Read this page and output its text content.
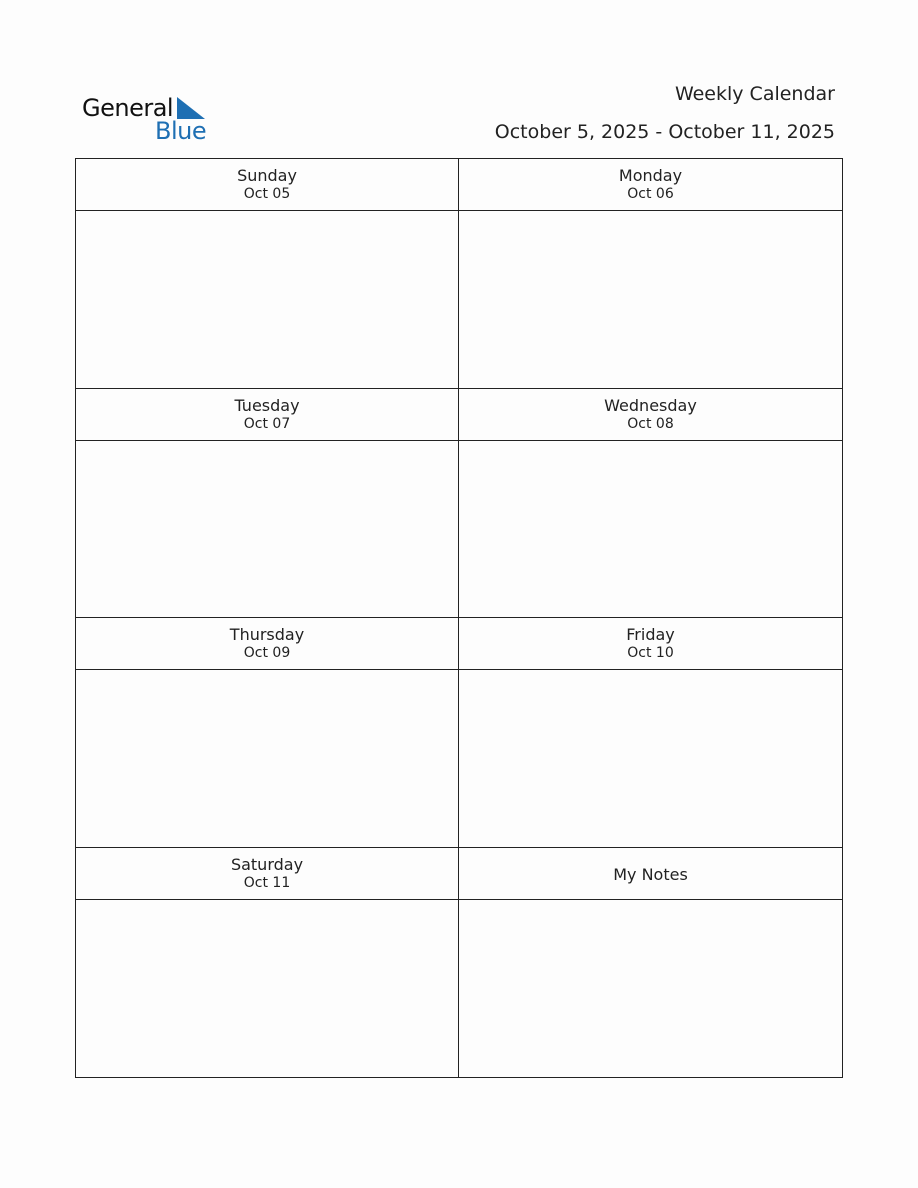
General
Blue
Weekly Calendar
October 5, 2025 - October 11, 2025
Sunday
Oct 05
Monday
Oct 06
Tuesday
Oct 07
Wednesday
Oct 08
Thursday
Oct 09
Friday
Oct 10
Saturday
Oct 11	My Notes
